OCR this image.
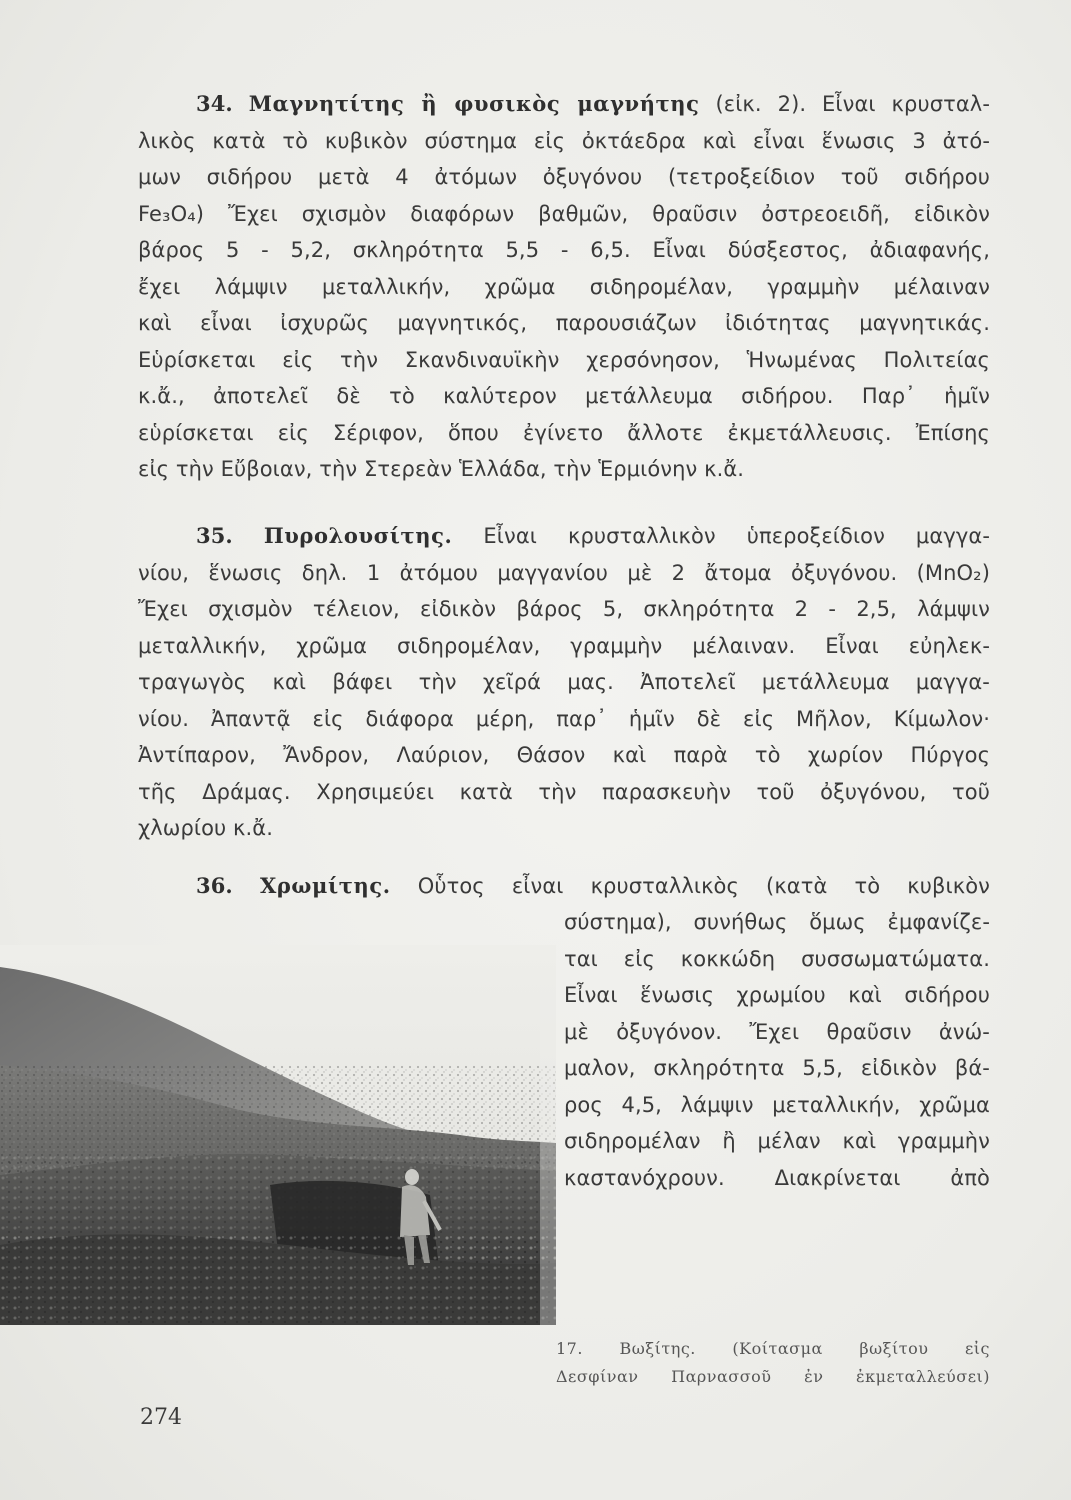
34. Μαγνητίτης ἢ φυσικὸς μαγνήτης (εἰκ. 2). Εἶναι κρυσταλ-
λικὸς κατὰ τὸ κυβικὸν σύστημα εἰς ὀκτάεδρα καὶ εἶναι ἕνωσις 3 ἀτό-
μων σιδήρου μετὰ 4 ἀτόμων ὀξυγόνου (τετροξείδιον τοῦ σιδήρου
Fe₃O₄) Ἔχει σχισμὸν διαφόρων βαθμῶν, θραῦσιν ὀστρεοειδῆ, εἰδικὸν
βάρος 5 - 5,2, σκληρότητα 5,5 - 6,5. Εἶναι δύσξεστος, ἀδιαφανής,
ἔχει λάμψιν μεταλλικήν, χρῶμα σιδηρομέλαν, γραμμὴν μέλαιναν
καὶ εἶναι ἰσχυρῶς μαγνητικός, παρουσιάζων ἰδιότητας μαγνητικάς.
Εὑρίσκεται εἰς τὴν Σκανδιναυϊκὴν χερσόνησον, Ἡνωμένας Πολιτείας
κ.ἄ., ἀποτελεῖ δὲ τὸ καλύτερον μετάλλευμα σιδήρου. Παρ᾽ ἡμῖν
εὑρίσκεται εἰς Σέριφον, ὅπου ἐγίνετο ἄλλοτε ἐκμετάλλευσις. Ἐπίσης
εἰς τὴν Εὔβοιαν, τὴν Στερεὰν Ἑλλάδα, τὴν Ἑρμιόνην κ.ἄ.
35. Πυρολουσίτης. Εἶναι κρυσταλλικὸν ὑπεροξείδιον μαγγα-
νίου, ἕνωσις δηλ. 1 ἀτόμου μαγγανίου μὲ 2 ἄτομα ὀξυγόνου. (MnO₂)
Ἔχει σχισμὸν τέλειον, εἰδικὸν βάρος 5, σκληρότητα 2 - 2,5, λάμψιν
μεταλλικήν, χρῶμα σιδηρομέλαν, γραμμὴν μέλαιναν. Εἶναι εὐηλεκ-
τραγωγὸς καὶ βάφει τὴν χεῖρά μας. Ἀποτελεῖ μετάλλευμα μαγγα-
νίου. Ἀπαντᾷ εἰς διάφορα μέρη, παρ᾽ ἡμῖν δὲ εἰς Μῆλον, Κίμωλον·
Ἀντίπαρον, Ἄνδρον, Λαύριον, Θάσον καὶ παρὰ τὸ χωρίον Πύργος
τῆς Δράμας. Χρησιμεύει κατὰ τὴν παρασκευὴν τοῦ ὀξυγόνου, τοῦ
χλωρίου κ.ἄ.
36. Χρωμίτης. Οὗτος εἶναι κρυσταλλικὸς (κατὰ τὸ κυβικὸν
σύστημα), συνήθως ὅμως ἐμφανίζε-
ται εἰς κοκκώδη συσσωματώματα.
Εἶναι ἕνωσις χρωμίου καὶ σιδήρου
μὲ ὀξυγόνον. Ἔχει θραῦσιν ἀνώ-
μαλον, σκληρότητα 5,5, εἰδικὸν βά-
ρος 4,5, λάμψιν μεταλλικήν, χρῶμα
σιδηρομέλαν ἢ μέλαν καὶ γραμμὴν
καστανόχρουν. Διακρίνεται ἀπὸ
17. Βωξίτης. (Κοίτασμα βωξίτου εἰς
Δεσφίναν Παρνασσοῦ ἐν ἐκμεταλλεύσει)
274
